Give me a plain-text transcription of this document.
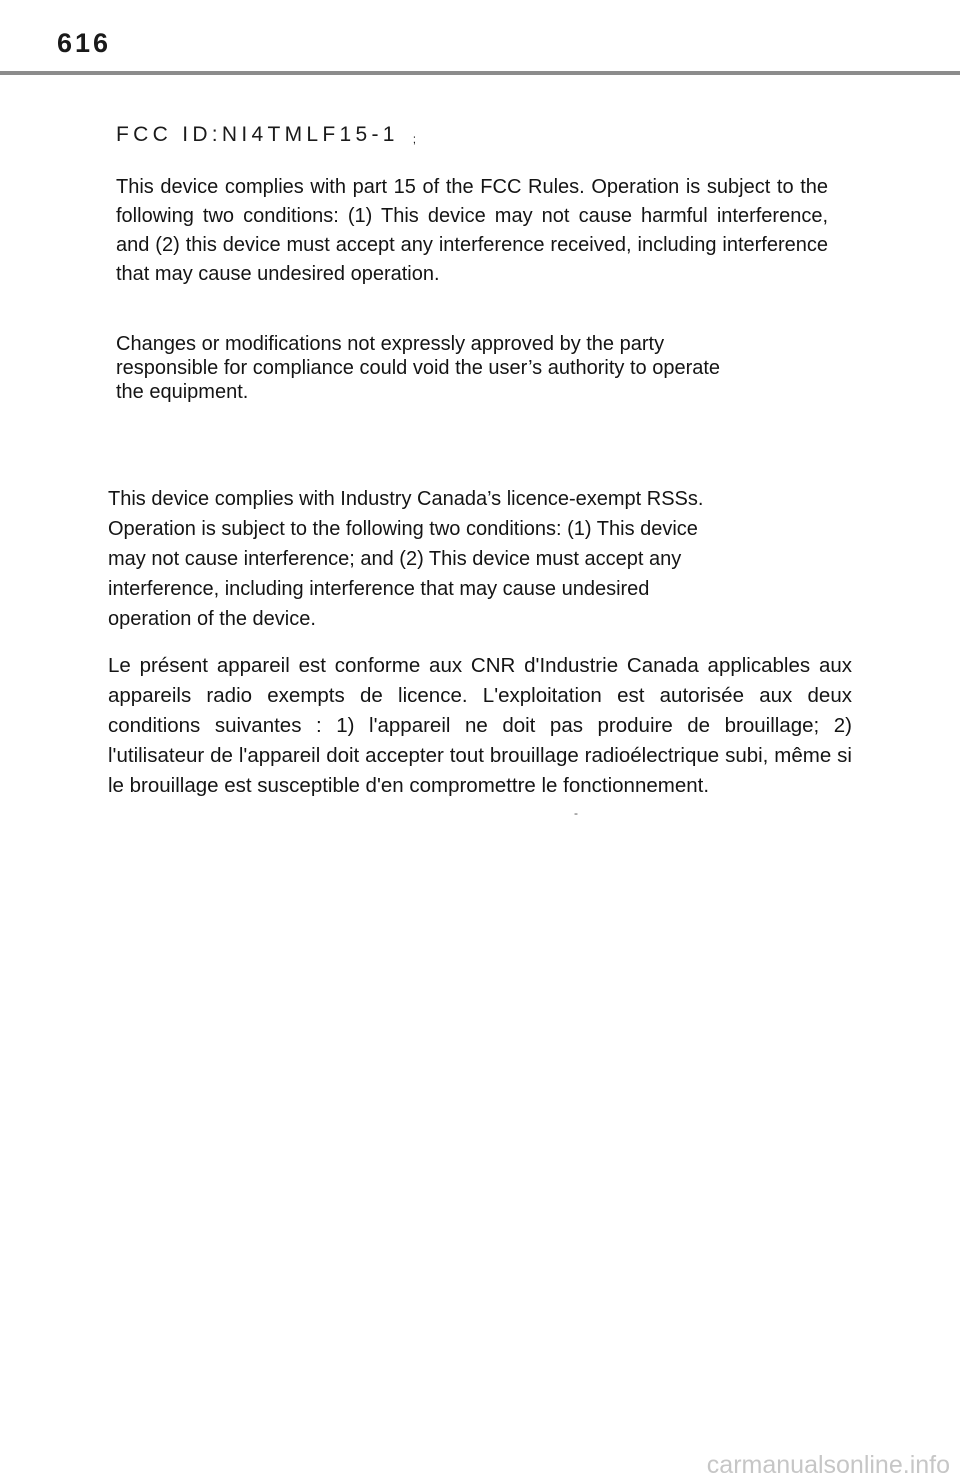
616
FCC ID:NI4TMLF15-1 ;

This device complies with part 15 of the FCC Rules. Operation is subject to the following two conditions: (1) This device may not cause harmful interference, and (2) this device must accept any interference received, including interference that may cause undesired operation.

Changes or modifications not expressly approved by the party
responsible for compliance could void the user’s authority to operate
the equipment.
This device complies with Industry Canada’s licence-exempt RSSs.
Operation is subject to the following two conditions: (1) This device
may not cause interference; and (2) This device must accept any
interference, including interference that may cause undesired
operation of the device.

Le présent appareil est conforme aux CNR d'Industrie Canada applicables aux appareils radio exempts de licence. L'exploitation est autorisée aux deux conditions suivantes : 1) l'appareil ne doit pas produire de brouillage; 2) l'utilisateur de l'appareil doit accepter tout brouillage radioélectrique subi, même si le brouillage est susceptible d'en compromettre le fonctionnement.

-
carmanualsonline.info
